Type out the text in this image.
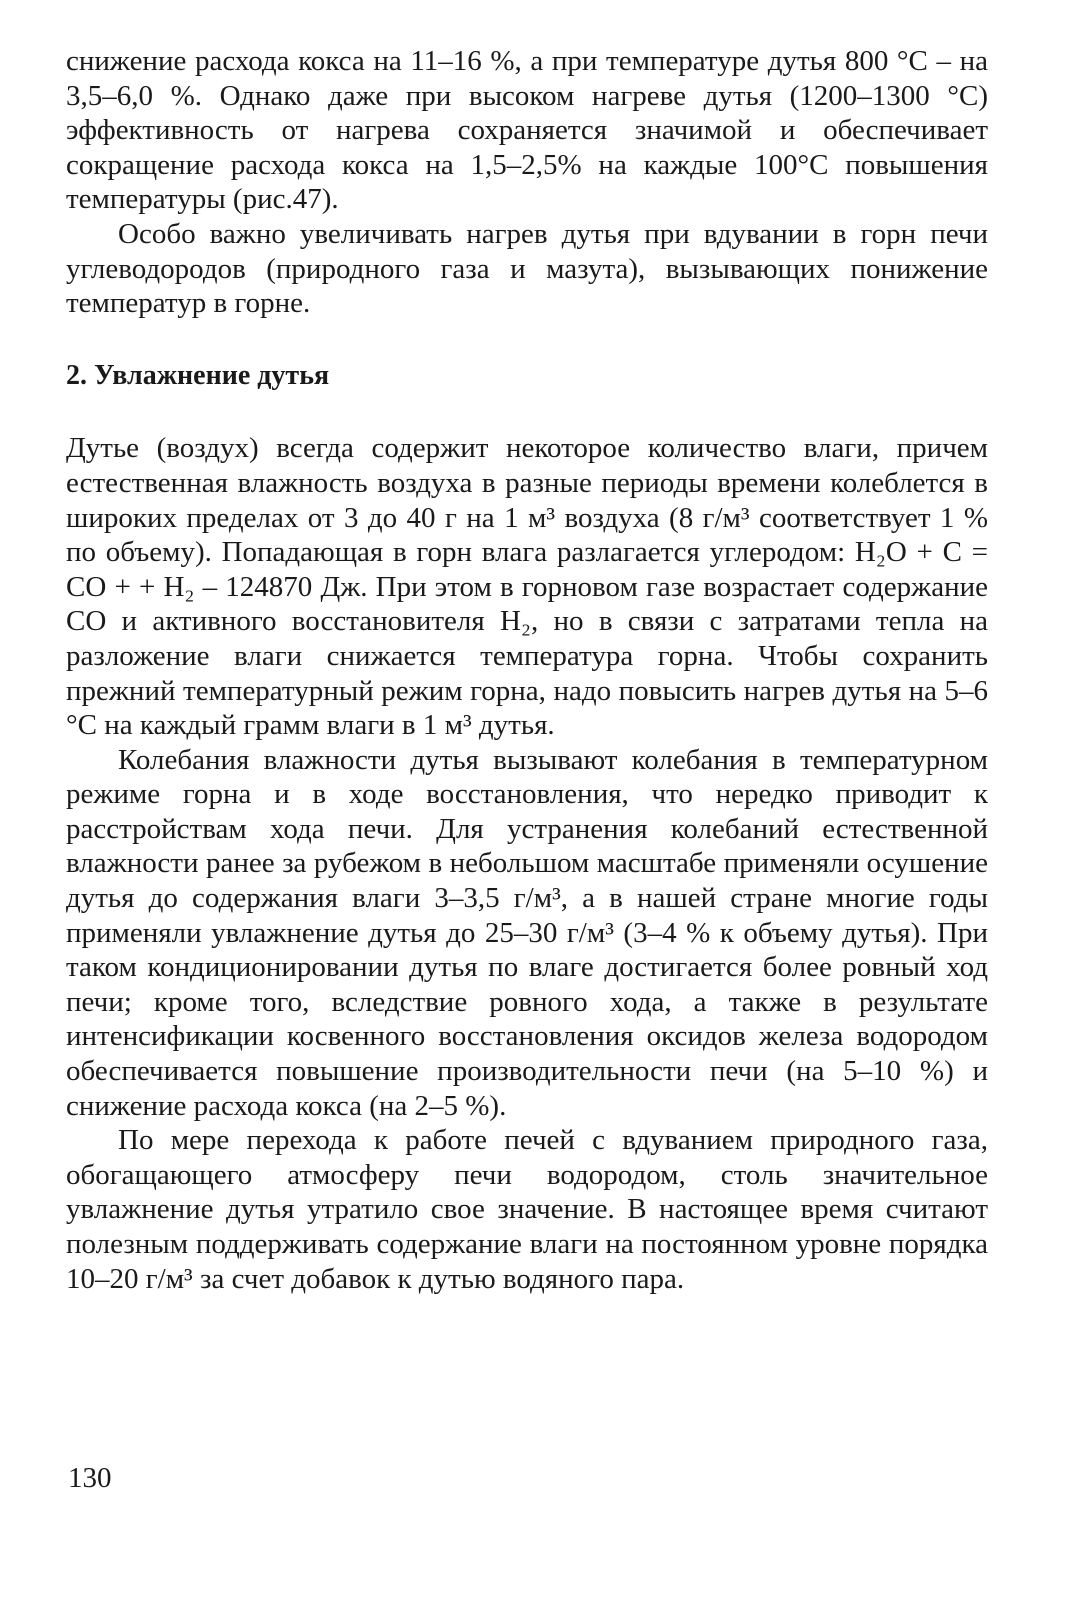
снижение расхода кокса на 11–16 %, а при температуре дутья 800 °С – на 3,5–6,0 %. Однако даже при высоком нагреве дутья (1200–1300 °С) эффективность от нагрева сохраняется значимой и обеспечивает сокращение расхода кокса на 1,5–2,5% на каждые 100°С повышения температуры (рис.47).

Особо важно увеличивать нагрев дутья при вдувании в горн печи углеводородов (природного газа и мазута), вызывающих понижение температур в горне.

2. Увлажнение дутья

Дутье (воздух) всегда содержит некоторое количество влаги, причем естественная влажность воздуха в разные периоды времени колеблется в широких пределах от 3 до 40 г на 1 м³ воздуха (8 г/м³ соответствует 1 % по объему). Попадающая в горн влага разлагается углеродом: H₂O + C = CO + + H₂ – 124870 Дж. При этом в горновом газе возрастает содержание CO и активного восстановителя H₂, но в связи с затратами тепла на разложение влаги снижается температура горна. Чтобы сохранить прежний температурный режим горна, надо повысить нагрев дутья на 5–6 °С на каждый грамм влаги в 1 м³ дутья.

Колебания влажности дутья вызывают колебания в температурном режиме горна и в ходе восстановления, что нередко приводит к расстройствам хода печи. Для устранения колебаний естественной влажности ранее за рубежом в небольшом масштабе применяли осушение дутья до содержания влаги 3–3,5 г/м³, а в нашей стране многие годы применяли увлажнение дутья до 25–30 г/м³ (3–4 % к объему дутья). При таком кондиционировании дутья по влаге достигается более ровный ход печи; кроме того, вследствие ровного хода, а также в результате интенсификации косвенного восстановления оксидов железа водородом обеспечивается повышение производительности печи (на 5–10 %) и снижение расхода кокса (на 2–5 %).

По мере перехода к работе печей с вдуванием природного газа, обогащающего атмосферу печи водородом, столь значительное увлажнение дутья утратило свое значение. В настоящее время считают полезным поддерживать содержание влаги на постоянном уровне порядка 10–20 г/м³ за счет добавок к дутью водяного пара.

130
